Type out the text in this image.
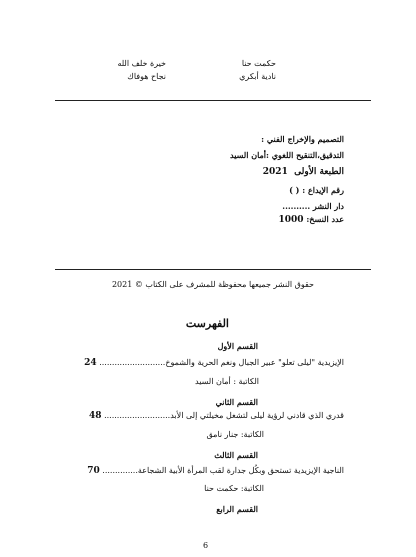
حكمت حنا
نادية أبكري
خيرة خلف الله
نجاح هوفاك
التصميم والإخراج الفني :
التدقيق،التنقيح اللغوي :أمان السيد
الطبعة الأولى  2021
رقم الإيداع : ( )
دار النشر ..........
عدد النسخ: 1000
حقوق النشر جميعها محفوظة للمشرف على الكتاب © 2021
الفهرست
القسم الأول
الإيزيدية "ليلى تعلو" عبير الجبال ونغم الحرية والشموخ.......................... 24
الكاتبة : أمان السيد
القسم الثاني
قدري الذي قادني لرؤية ليلى لتشغل مخيلتي إلى الأبد.......................... 48
الكاتبة: جنار نامق
القسم الثالث
الناجية الإيزيدية تستحق وبكُل جدارة لقب المرأة الأبية الشجاعة.............. 70
الكاتبة: حكمت حنا
القسم الرابع
6
